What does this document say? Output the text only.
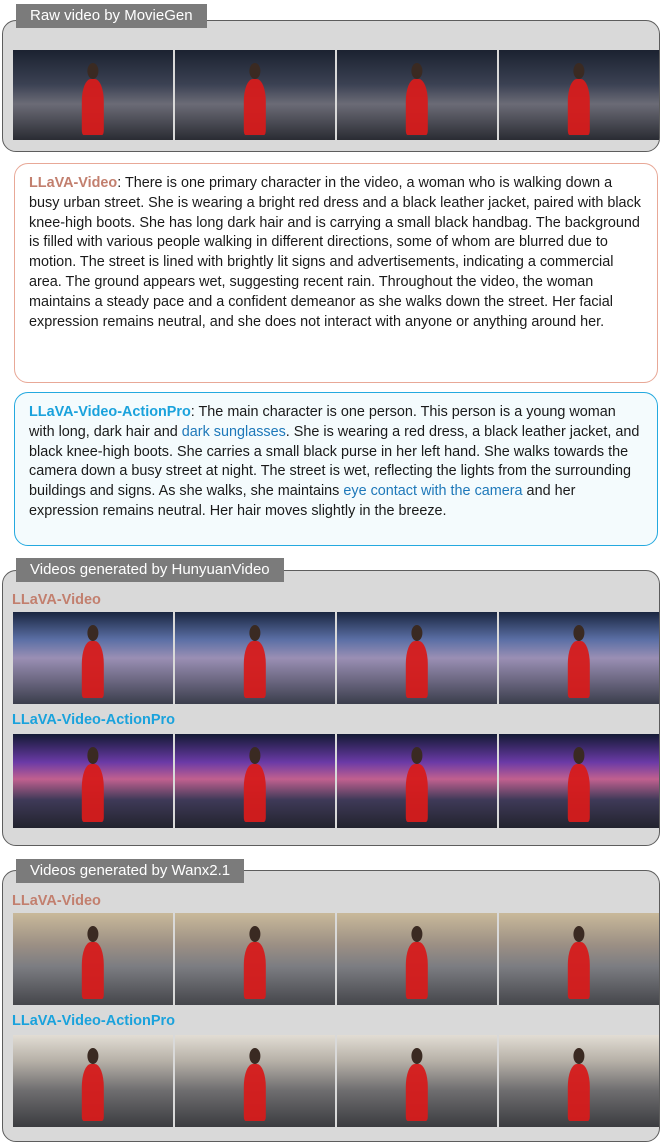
Raw video by MovieGen
LLaVA-Video: There is one primary character in the video, a woman who is walking down a busy urban street. She is wearing a bright red dress and a black leather jacket, paired with black knee-high boots. She has long dark hair and is carrying a small black handbag. The background is filled with various people walking in different directions, some of whom are blurred due to motion. The street is lined with brightly lit signs and advertisements, indicating a commercial area. The ground appears wet, suggesting recent rain. Throughout the video, the woman maintains a steady pace and a confident demeanor as she walks down the street. Her facial expression remains neutral, and she does not interact with anyone or anything around her.
LLaVA-Video-ActionPro: The main character is one person. This person is a young woman with long, dark hair and dark sunglasses. She is wearing a red dress, a black leather jacket, and black knee-high boots. She carries a small black purse in her left hand. She walks towards the camera down a busy street at night. The street is wet, reflecting the lights from the surrounding buildings and signs. As she walks, she maintains eye contact with the camera and her expression remains neutral. Her hair moves slightly in the breeze.
Videos generated by HunyuanVideo
LLaVA-Video
LLaVA-Video-ActionPro
Videos generated by Wanx2.1
LLaVA-Video
LLaVA-Video-ActionPro
